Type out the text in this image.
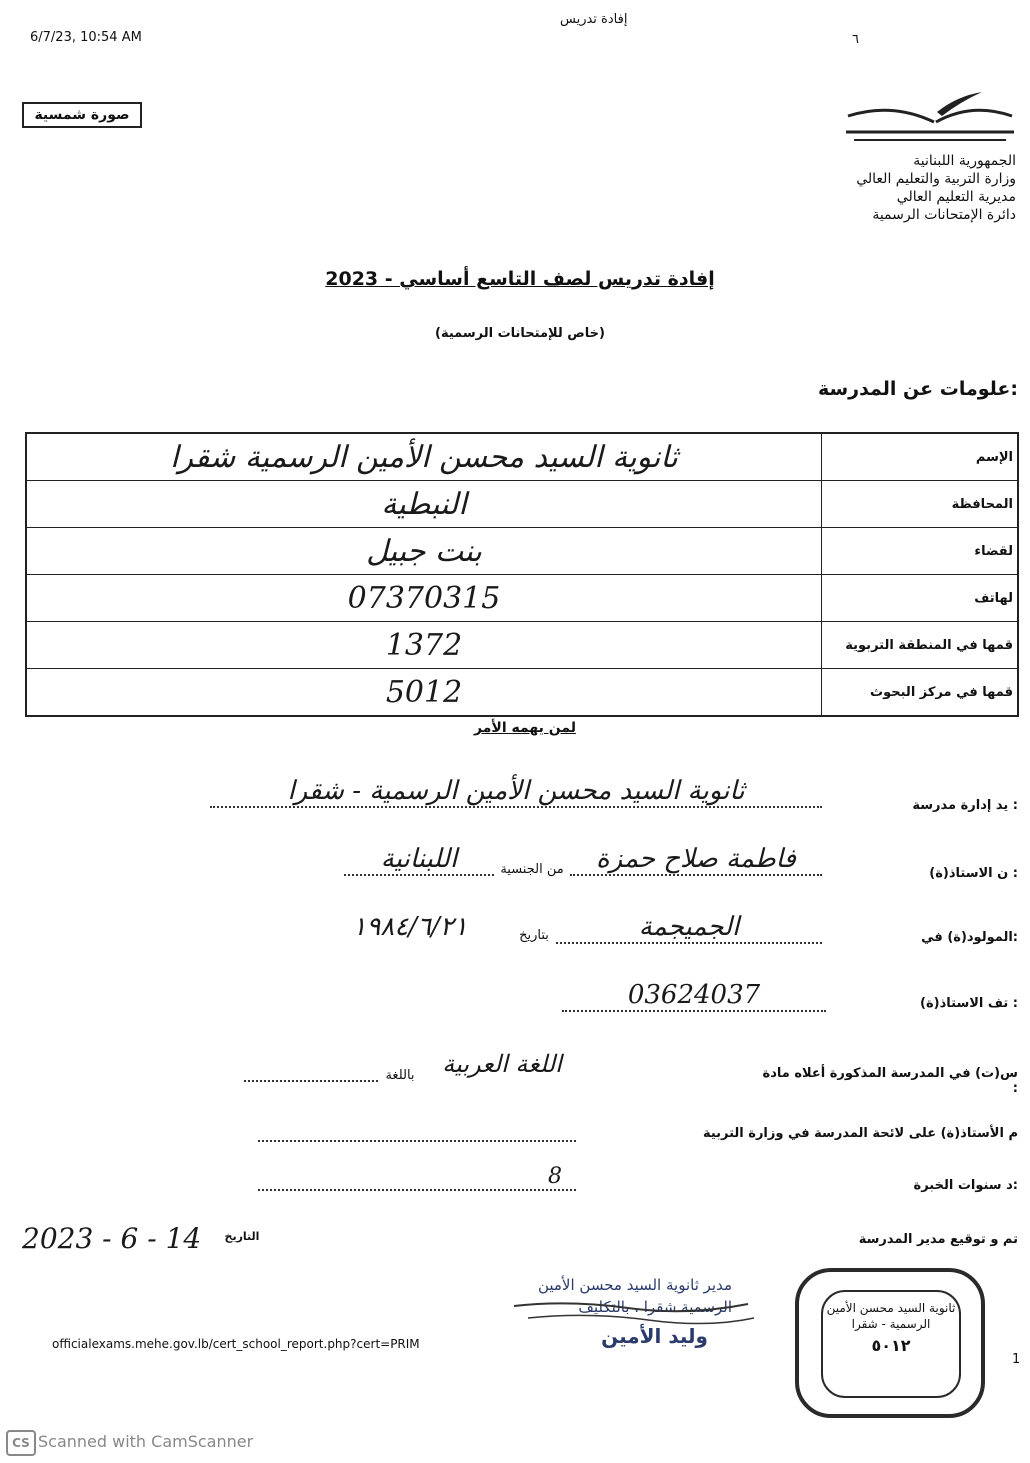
6/7/23, 10:54 AM
إفادة تدريس
٦
صورة شمسية
الجمهورية اللبنانية
وزارة التربية والتعليم العالي
مديرية التعليم العالي
دائرة الإمتحانات الرسمية
إفادة تدريس لصف التاسع أساسي - 2023
(خاص للإمتحانات الرسمية)
علومات عن المدرسة:
ثانوية السيد محسن الأمين الرسمية شقرا	الإسم
النبطية	المحافظة
بنت جبيل	لقضاء
07370315	لهاتف
1372	قمها في المنطقة التربوية
5012	قمها في مركز البحوث
لمن يهمه الأمر
يد إدارة مدرسة :
ثانوية السيد محسن الأمين الرسمية - شقرا
ن الاستاذ(ة) :
فاطمة صلاح حمزة
من الجنسية
اللبنانية
المولود(ة) في:
الجميجمة
بتاريخ
١٩٨٤/٦/٢١
تف الاستاذ(ة) :
03624037
س(ت) في المدرسة المذكورة أعلاه مادة :
اللغة العربية
باللغة
م الأستاذ(ة) على لائحة المدرسة في وزارة التربية
د سنوات الخبرة:
8
2023 - 6 - 14	التاريخ	تم و توقيع مدير المدرسة
مدير ثانوية السيد محسن الأمين
الرسمية شقرا . بالتكليف
وليد الأمين
ثانوية السيد محسن الأمين
الرسمية - شقرا
٥٠١٢
officialexams.mehe.gov.lb/cert_school_report.php?cert=PRIM
1
CS Scanned with CamScanner
